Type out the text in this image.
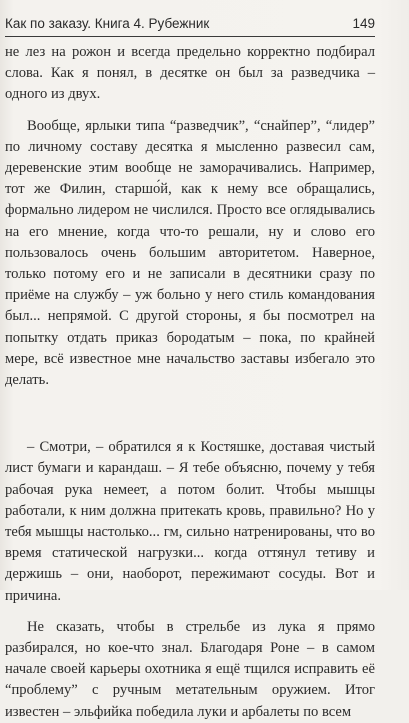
Как по заказу. Книга 4. Рубежник	149

не лез на рожон и всегда предельно корректно подбирал слова. Как я понял, в десятке он был за разведчика – одного из двух.

Вообще, ярлыки типа “разведчик”, “снайпер”, “лидер” по личному составу десятка я мысленно развесил сам, деревенские этим вообще не заморачивались. Например, тот же Филин, старшо́й, как к нему все обращались, формально лидером не числился. Просто все оглядывались на его мнение, когда что-то решали, ну и слово его пользовалось очень большим авторитетом. Наверное, только потому его и не записали в десятники сразу по приёме на службу – уж больно у него стиль командования был... непрямой. С другой стороны, я бы посмотрел на попытку отдать приказ бородатым – пока, по крайней мере, всё известное мне начальство заставы избегало это делать.

– Смотри, – обратился я к Костяшке, доставая чистый лист бумаги и карандаш. – Я тебе объясню, почему у тебя рабочая рука немеет, а потом болит. Чтобы мышцы работали, к ним должна притекать кровь, правильно? Но у тебя мышцы настолько... гм, сильно натренированы, что во время статической нагрузки... когда оттянул тетиву и держишь – они, наоборот, пережимают сосуды. Вот и причина.

Не сказать, чтобы в стрельбе из лука я прямо разбирался, но кое-что знал. Благодаря Роне – в самом начале своей карьеры охотника я ещё тщился исправить её “проблему” с ручным метательным оружием. Итог известен – эльфийка победила луки и арбалеты по всем
